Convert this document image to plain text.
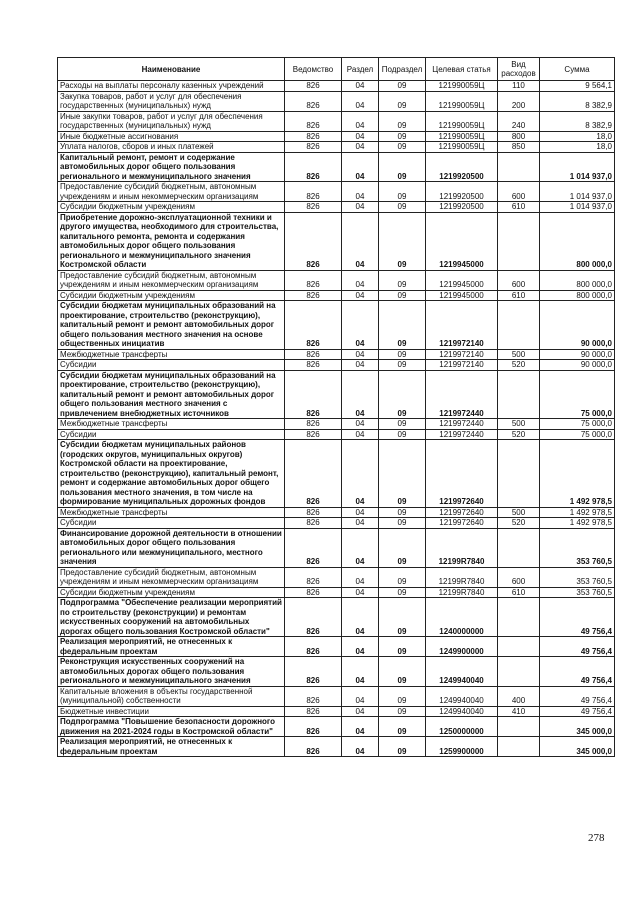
Наименование	Ведомство	Раздел	Подраздел	Целевая статья	Вид расходов	Сумма
Расходы на выплаты персоналу казенных учреждений	826	04	09	121990059Ц	110	9 564,1
Закупка товаров, работ и услуг для обеспечения государственных (муниципальных) нужд	826	04	09	121990059Ц	200	8 382,9
Иные закупки товаров, работ и услуг для обеспечения государственных (муниципальных) нужд	826	04	09	121990059Ц	240	8 382,9
Иные бюджетные ассигнования	826	04	09	121990059Ц	800	18,0
Уплата налогов, сборов и иных платежей	826	04	09	121990059Ц	850	18,0
Капитальный ремонт, ремонт и содержание автомобильных дорог общего пользования регионального и межмуниципального значения	826	04	09	1219920500		1 014 937,0
Предоставление субсидий бюджетным, автономным учреждениям и иным некоммерческим организациям	826	04	09	1219920500	600	1 014 937,0
Субсидии бюджетным учреждениям	826	04	09	1219920500	610	1 014 937,0
Приобретение дорожно-эксплуатационной техники и другого имущества, необходимого для строительства, капитального ремонта, ремонта и содержания автомобильных дорог общего пользования регионального и межмуниципального значения Костромской области	826	04	09	1219945000		800 000,0
Предоставление субсидий бюджетным, автономным учреждениям и иным некоммерческим организациям	826	04	09	1219945000	600	800 000,0
Субсидии бюджетным учреждениям	826	04	09	1219945000	610	800 000,0
Субсидии бюджетам муниципальных образований на проектирование, строительство (реконструкцию), капитальный ремонт и ремонт автомобильных дорог общего пользования местного значения на основе общественных инициатив	826	04	09	1219972140		90 000,0
Межбюджетные трансферты	826	04	09	1219972140	500	90 000,0
Субсидии	826	04	09	1219972140	520	90 000,0
Субсидии бюджетам муниципальных образований на проектирование, строительство (реконструкцию), капитальный ремонт и ремонт автомобильных дорог общего пользования местного значения с привлечением внебюджетных источников	826	04	09	1219972440		75 000,0
Межбюджетные трансферты	826	04	09	1219972440	500	75 000,0
Субсидии	826	04	09	1219972440	520	75 000,0
Субсидии бюджетам муниципальных районов (городских округов, муниципальных округов) Костромской области на проектирование, строительство (реконструкцию), капитальный ремонт, ремонт и содержание автомобильных дорог общего пользования местного значения, в том числе на формирование муниципальных дорожных фондов	826	04	09	1219972640		1 492 978,5
Межбюджетные трансферты	826	04	09	1219972640	500	1 492 978,5
Субсидии	826	04	09	1219972640	520	1 492 978,5
Финансирование дорожной деятельности в отношении автомобильных дорог общего пользования регионального или межмуниципального, местного значения	826	04	09	12199R7840		353 760,5
Предоставление субсидий бюджетным, автономным учреждениям и иным некоммерческим организациям	826	04	09	12199R7840	600	353 760,5
Субсидии бюджетным учреждениям	826	04	09	12199R7840	610	353 760,5
Подпрограмма "Обеспечение реализации мероприятий по строительству (реконструкции) и ремонтам искусственных сооружений на автомобильных дорогах общего пользования Костромской области"	826	04	09	1240000000		49 756,4
Реализация мероприятий, не отнесенных к федеральным проектам	826	04	09	1249900000		49 756,4
Реконструкция искусственных сооружений на автомобильных дорогах общего пользования регионального и межмуниципального значения	826	04	09	1249940040		49 756,4
Капитальные вложения в объекты государственной (муниципальной) собственности	826	04	09	1249940040	400	49 756,4
Бюджетные инвестиции	826	04	09	1249940040	410	49 756,4
Подпрограмма "Повышение безопасности дорожного движения на 2021-2024 годы в Костромской области"	826	04	09	1250000000		345 000,0
Реализация мероприятий, не отнесенных к федеральным проектам	826	04	09	1259900000		345 000,0
278
